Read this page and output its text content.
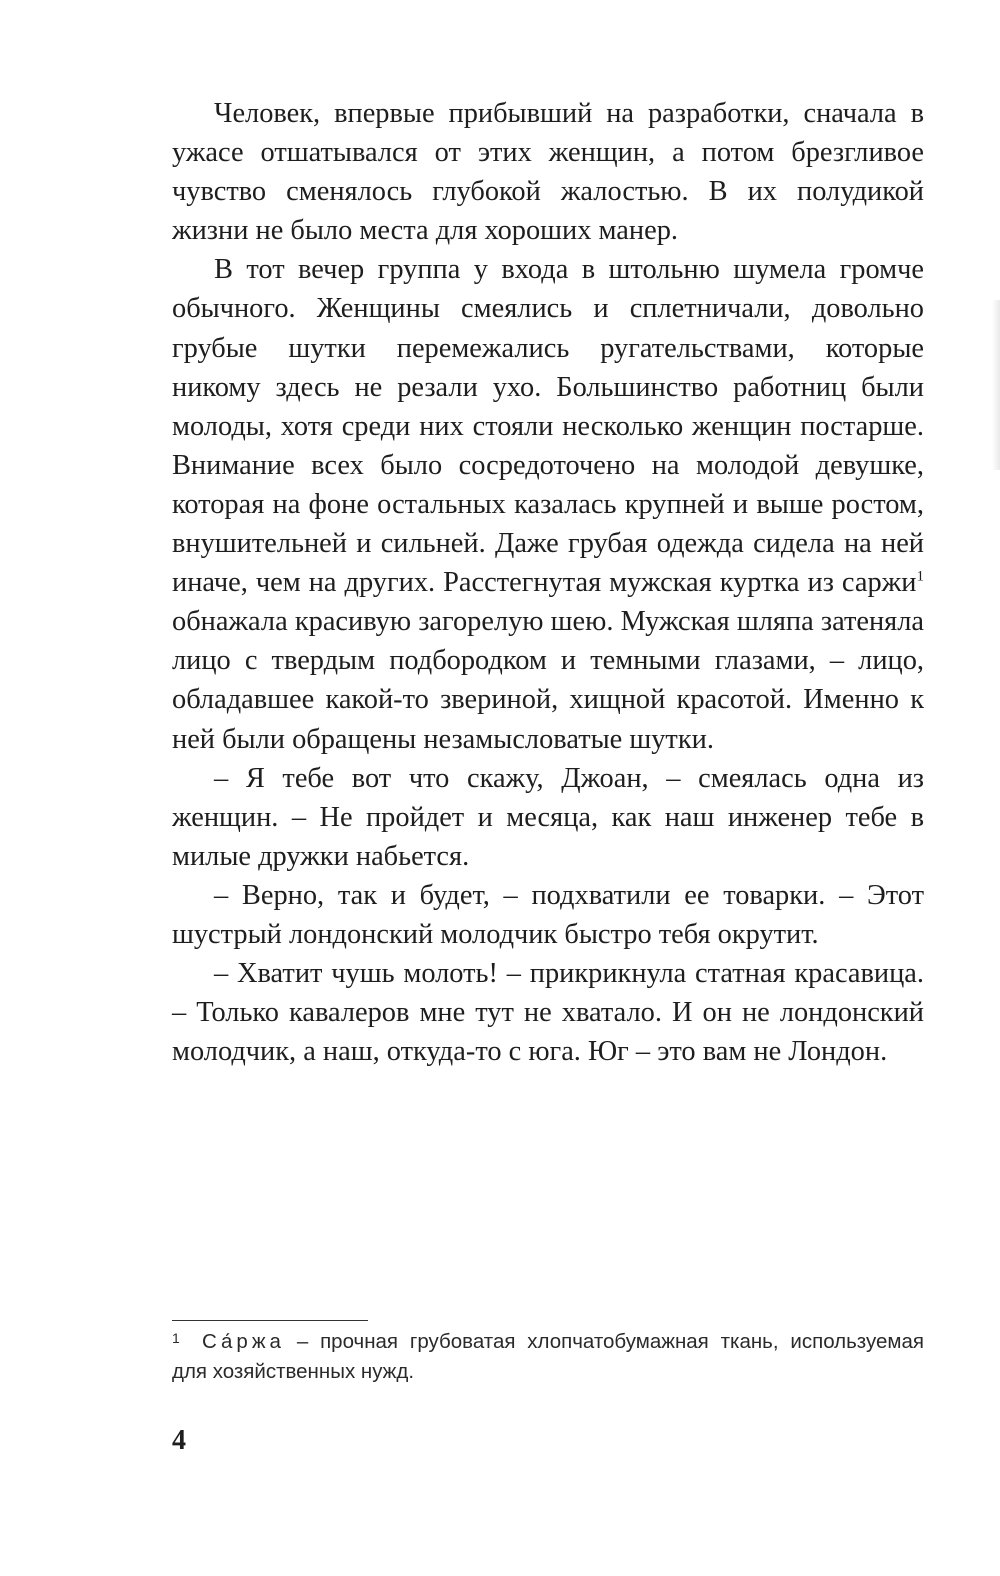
Человек, впервые прибывший на разработки, сначала в ужасе отшатывался от этих женщин, а потом брезгливое чувство сменялось глубокой жалостью. В их полудикой жизни не было места для хороших манер.

В тот вечер группа у входа в штольню шумела громче обычного. Женщины смеялись и сплетничали, довольно грубые шутки перемежались ругательствами, которые никому здесь не резали ухо. Большинство работниц были молоды, хотя среди них стояли несколько женщин постарше. Внимание всех было сосредоточено на молодой девушке, которая на фоне остальных казалась крупней и выше ростом, внушительней и сильней. Даже грубая одежда сидела на ней иначе, чем на других. Расстегнутая мужская куртка из саржи$^1$ обнажала красивую загорелую шею. Мужская шляпа затеняла лицо с твердым подбородком и темными глазами, – лицо, обладавшее какой-то звериной, хищной красотой. Именно к ней были обращены незамысловатые шутки.

– Я тебе вот что скажу, Джоан, – смеялась одна из женщин. – Не пройдет и месяца, как наш инженер тебе в милые дружки набьется.

– Верно, так и будет, – подхватили ее товарки. – Этот шустрый лондонский молодчик быстро тебя окрутит.

– Хватит чушь молоть! – прикрикнула статная красавица. – Только кавалеров мне тут не хватало. И он не лондонский молодчик, а наш, откуда-то с юга. Юг – это вам не Лондон.

1 Са́ржа – прочная грубоватая хлопчатобумажная ткань, используемая для хозяйственных нужд.
4
